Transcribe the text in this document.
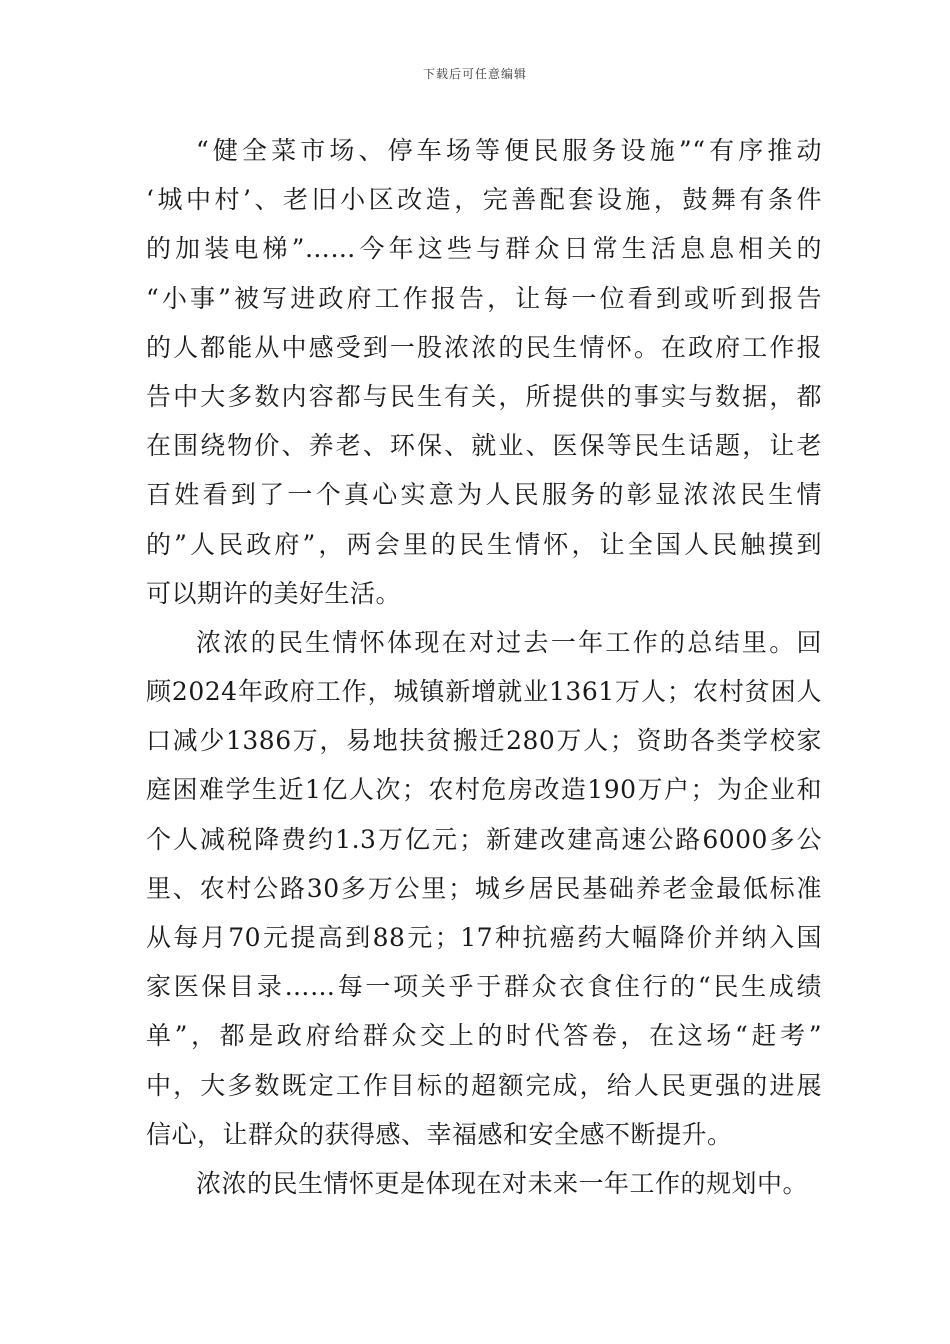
下载后可任意编辑
“健全菜市场、停车场等便民服务设施”“有序推动
‘城中村’、老旧小区改造，完善配套设施，鼓舞有条件
的加装电梯”……今年这些与群众日常生活息息相关的
“小事”被写进政府工作报告，让每一位看到或听到报告
的人都能从中感受到一股浓浓的民生情怀。在政府工作报
告中大多数内容都与民生有关，所提供的事实与数据，都
在围绕物价、养老、环保、就业、医保等民生话题，让老
百姓看到了一个真心实意为人民服务的彰显浓浓民生情
的”人民政府”，两会里的民生情怀，让全国人民触摸到
可以期许的美好生活。
浓浓的民生情怀体现在对过去一年工作的总结里。回
顾2024年政府工作，城镇新增就业1361万人；农村贫困人
口减少1386万，易地扶贫搬迁280万人；资助各类学校家
庭困难学生近1亿人次；农村危房改造190万户；为企业和
个人减税降费约1.3万亿元；新建改建高速公路6000多公
里、农村公路30多万公里；城乡居民基础养老金最低标准
从每月70元提高到88元；17种抗癌药大幅降价并纳入国
家医保目录……每一项关乎于群众衣食住行的“民生成绩
单”，都是政府给群众交上的时代答卷，在这场“赶考”
中，大多数既定工作目标的超额完成，给人民更强的进展
信心，让群众的获得感、幸福感和安全感不断提升。
浓浓的民生情怀更是体现在对未来一年工作的规划中。
